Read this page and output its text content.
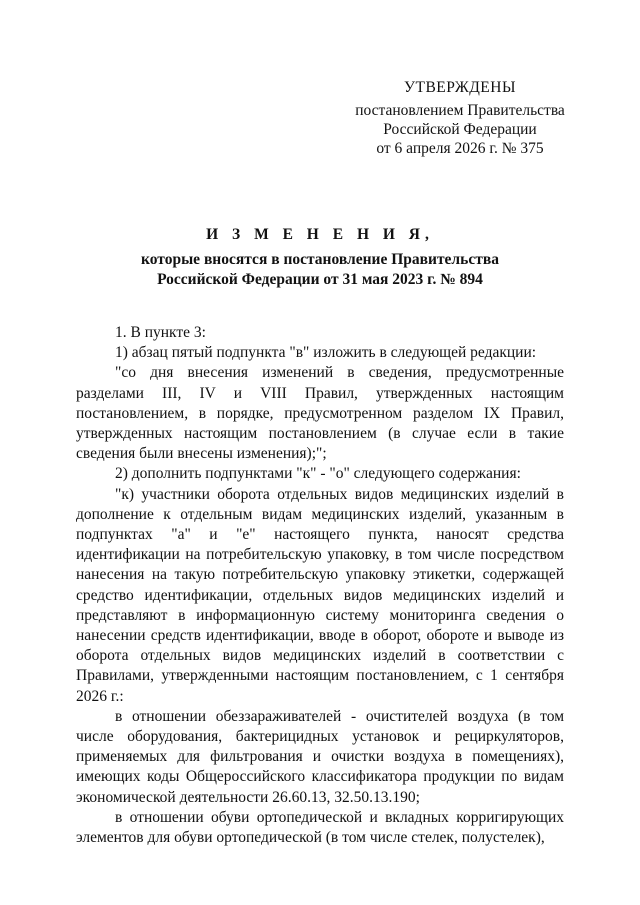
УТВЕРЖДЕНЫ
постановлением Правительства
Российской Федерации
от 6 апреля 2026 г. № 375
И З М Е Н Е Н И Я,
которые вносятся в постановление Правительства
Российской Федерации от 31 мая 2023 г. № 894

1. В пункте 3:

1) абзац пятый подпункта "в" изложить в следующей редакции:

"со дня внесения изменений в сведения, предусмотренные разделами III, IV и VIII Правил, утвержденных настоящим постановлением, в порядке, предусмотренном разделом IX Правил, утвержденных настоящим постановлением (в случае если в такие сведения были внесены изменения);";

2) дополнить подпунктами "к" - "о" следующего содержания:

"к) участники оборота отдельных видов медицинских изделий в дополнение к отдельным видам медицинских изделий, указанным в подпунктах "а" и "е" настоящего пункта, наносят средства идентификации на потребительскую упаковку, в том числе посредством нанесения на такую потребительскую упаковку этикетки, содержащей средство идентификации, отдельных видов медицинских изделий и представляют в информационную систему мониторинга сведения о нанесении средств идентификации, вводе в оборот, обороте и выводе из оборота отдельных видов медицинских изделий в соответствии с Правилами, утвержденными настоящим постановлением, с 1 сентября 2026 г.:

в отношении обеззараживателей - очистителей воздуха (в том числе оборудования, бактерицидных установок и рециркуляторов, применяемых для фильтрования и очистки воздуха в помещениях), имеющих коды Общероссийского классификатора продукции по видам экономической деятельности 26.60.13, 32.50.13.190;

в отношении обуви ортопедической и вкладных корригирующих элементов для обуви ортопедической (в том числе стелек, полустелек),
